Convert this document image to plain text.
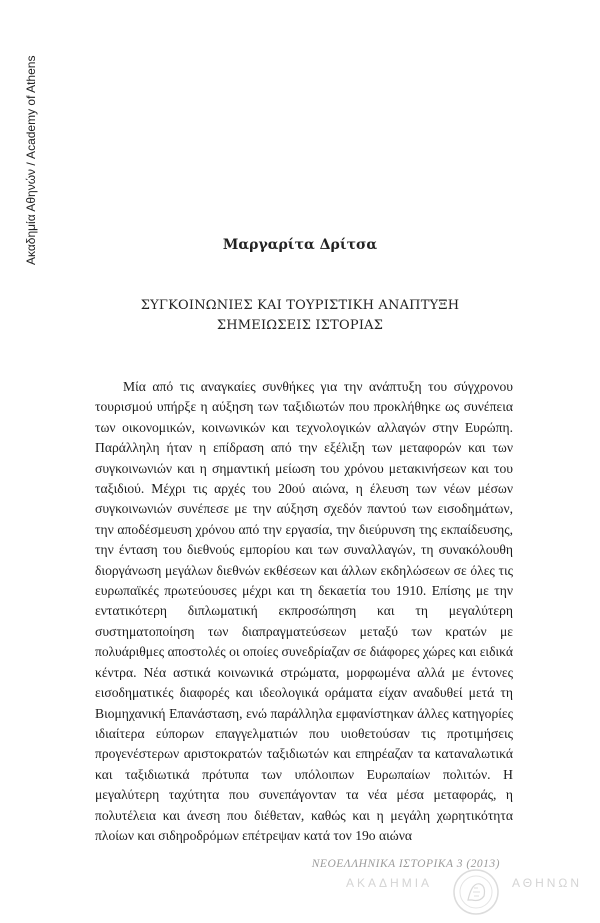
Ακαδημία Αθηνών / Academy of Athens	Μαργαρίτα Δρίτσα
ΣΥΓΚΟΙΝΩΝΙΕΣ ΚΑΙ ΤΟΥΡΙΣΤΙΚΗ ΑΝΑΠΤΥΞΗ
ΣΗΜΕΙΩΣΕΙΣ ΙΣΤΟΡΙΑΣ

Μία από τις αναγκαίες συνθήκες για την ανάπτυξη του σύγχρονου τουρισμού υπήρξε η αύξηση των ταξιδιωτών που προκλήθηκε ως συνέπεια των οικονομικών, κοινωνικών και τεχνολογικών αλλαγών στην Ευρώπη. Παράλληλη ήταν η επίδραση από την εξέλιξη των μεταφορών και των συγκοινωνιών και η σημαντική μείωση του χρόνου μετακινήσεων και του ταξιδιού. Μέχρι τις αρχές του 20ού αιώνα, η έλευση των νέων μέσων συγκοινωνιών συνέπεσε με την αύξηση σχεδόν παντού των εισοδημάτων, την αποδέσμευση χρόνου από την εργασία, την διεύρυνση της εκπαίδευσης, την ένταση του διεθνούς εμπορίου και των συναλλαγών, τη συνακόλουθη διοργάνωση μεγάλων διεθνών εκθέσεων και άλλων εκδηλώσεων σε όλες τις ευρωπαϊκές πρωτεύουσες μέχρι και τη δεκαετία του 1910. Επίσης με την εντατικότερη διπλωματική εκπροσώπηση και τη μεγαλύτερη συστηματοποίηση των διαπραγματεύσεων μεταξύ των κρατών με πολυάριθμες αποστολές οι οποίες συνεδρίαζαν σε διάφορες χώρες και ειδικά κέντρα. Νέα αστικά κοινωνικά στρώματα, μορφωμένα αλλά με έντονες εισοδηματικές διαφορές και ιδεολογικά οράματα είχαν αναδυθεί μετά τη Βιομηχανική Επανάσταση, ενώ παράλληλα εμφανίστηκαν άλλες κατηγορίες ιδιαίτερα εύπορων επαγγελματιών που υιοθετούσαν τις προτιμήσεις προγενέστερων αριστοκρατών ταξιδιωτών και επηρέαζαν τα καταναλωτικά και ταξιδιωτικά πρότυπα των υπόλοιπων Ευρωπαίων πολιτών. Η μεγαλύτερη ταχύτητα που συνεπάγονταν τα νέα μέσα μεταφοράς, η πολυτέλεια και άνεση που διέθεταν, καθώς και η μεγάλη χωρητικότητα πλοίων και σιδηροδρόμων επέτρεψαν κατά τον 19ο αιώνα

ΝΕΟΕΛΛΗΝΙΚΑ ΙΣΤΟΡΙΚΑ 3 (2013)
ΑΚΑΔΗΜΙΑ	ΑΘΗΝΩΝ
